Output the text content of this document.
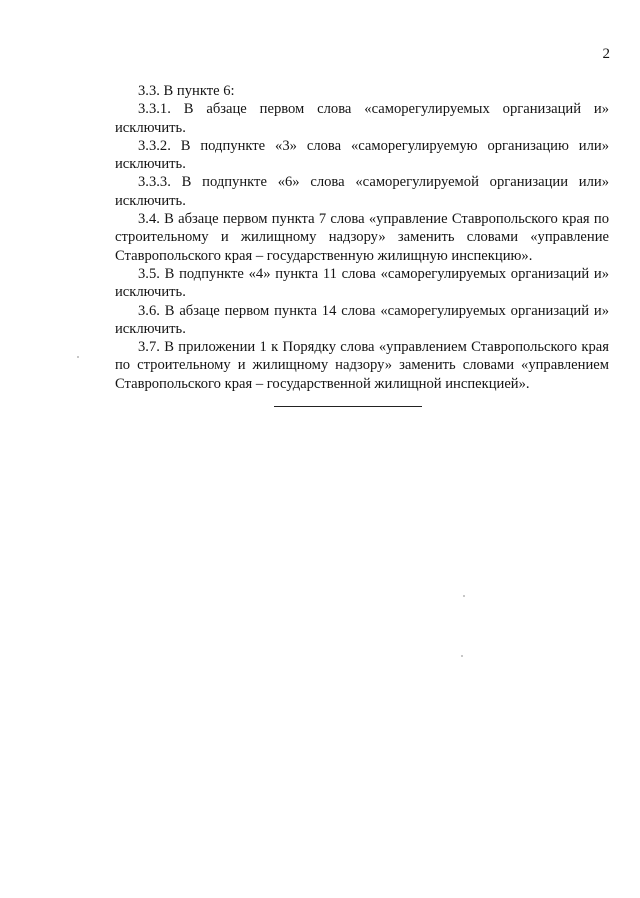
2

3.3. В пункте 6:

3.3.1. В абзаце первом слова «саморегулируемых организаций и» исключить.

3.3.2. В подпункте «3» слова «саморегулируемую организацию или» исключить.

3.3.3. В подпункте «6» слова «саморегулируемой организации или» исключить.

3.4. В абзаце первом пункта 7 слова «управление Ставропольского края по строительному и жилищному надзору» заменить словами «управление Ставропольского края – государственную жилищную инспекцию».

3.5. В подпункте «4» пункта 11 слова «саморегулируемых организаций и» исключить.

3.6. В абзаце первом пункта 14 слова «саморегулируемых организаций и» исключить.

3.7. В приложении 1 к Порядку слова «управлением Ставропольского края по строительному и жилищному надзору» заменить словами «управлением Ставропольского края – государственной жилищной инспекцией».
